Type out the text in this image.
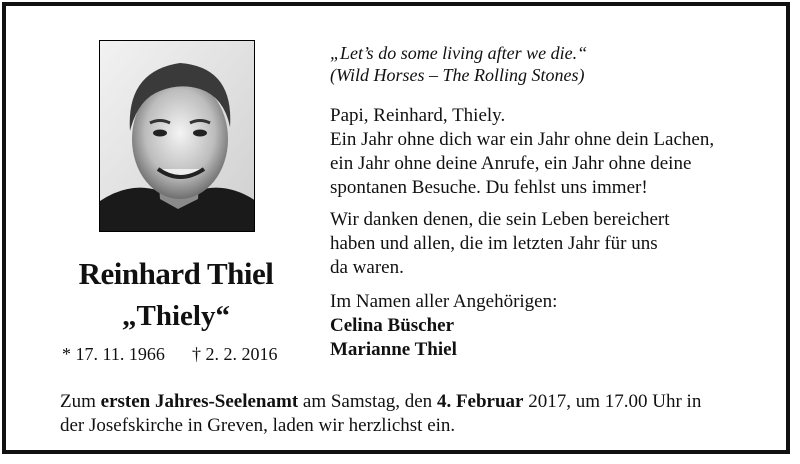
Reinhard Thiel
„Thiely“
* 17. 11. 1966 † 2. 2. 2016
„Let’s do some living after we die.“
(Wild Horses – The Rolling Stones)
Papi, Reinhard, Thiely.
Ein Jahr ohne dich war ein Jahr ohne dein Lachen,
ein Jahr ohne deine Anrufe, ein Jahr ohne deine
spontanen Besuche. Du fehlst uns immer!
Wir danken denen, die sein Leben bereichert
haben und allen, die im letzten Jahr für uns
da waren.
Im Namen aller Angehörigen:
Celina Büscher
Marianne Thiel
Zum ersten Jahres-Seelenamt am Samstag, den 4. Februar 2017, um 17.00 Uhr in
der Josefskirche in Greven, laden wir herzlichst ein.
